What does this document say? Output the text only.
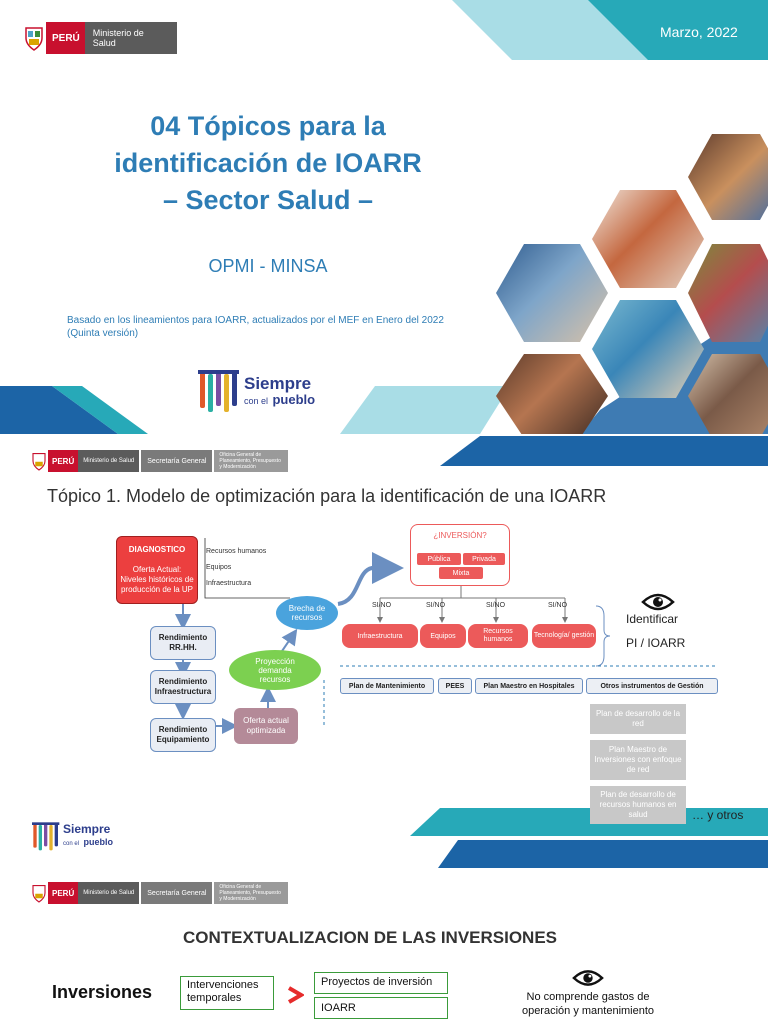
PERÚ	Ministerio de Salud
Marzo, 2022
04 Tópicos para la
identificación de IOARR
– Sector Salud –
OPMI - MINSA
Basado en los lineamientos para IOARR, actualizados por el MEF en Enero del 2022
(Quinta versión)
Siempre
con el pueblo
PERÚ	Ministerio de Salud	Secretaría General
Oficina General de Planeamiento, Presupuesto y Modernización
Tópico 1. Modelo de optimización para la identificación de una IOARR
DIAGNOSTICO
Oferta Actual: Niveles históricos de producción de la UP
Recursos humanos
Equipos
Infraestructura
Rendimiento RR.HH.
Rendimiento Infraestructura
Rendimiento Equipamiento
Oferta actual optimizada
Proyección demanda recursos
Brecha de recursos
¿INVERSIÓN?
Pública	Privada
Mixta
SI/NO	SI/NO	SI/NO	SI/NO
Infraestructura	Equipos
Recursos humanos
Tecnología/ gestión
Identificar
PI / IOARR
Plan de Mantenimiento	PEES	Plan Maestro en Hospitales	Otros instrumentos de Gestión
Plan de desarrollo de la red
Plan Maestro de Inversiones con enfoque de red
Plan de desarrollo de recursos humanos en salud	… y otros
Siempre
con el pueblo
PERÚ	Ministerio de Salud	Secretaría General
Oficina General de Planeamiento, Presupuesto y Modernización
CONTEXTUALIZACION DE LAS INVERSIONES
Inversiones	Intervenciones temporales
Proyectos de inversión
IOARR
No comprende gastos de operación y mantenimiento
